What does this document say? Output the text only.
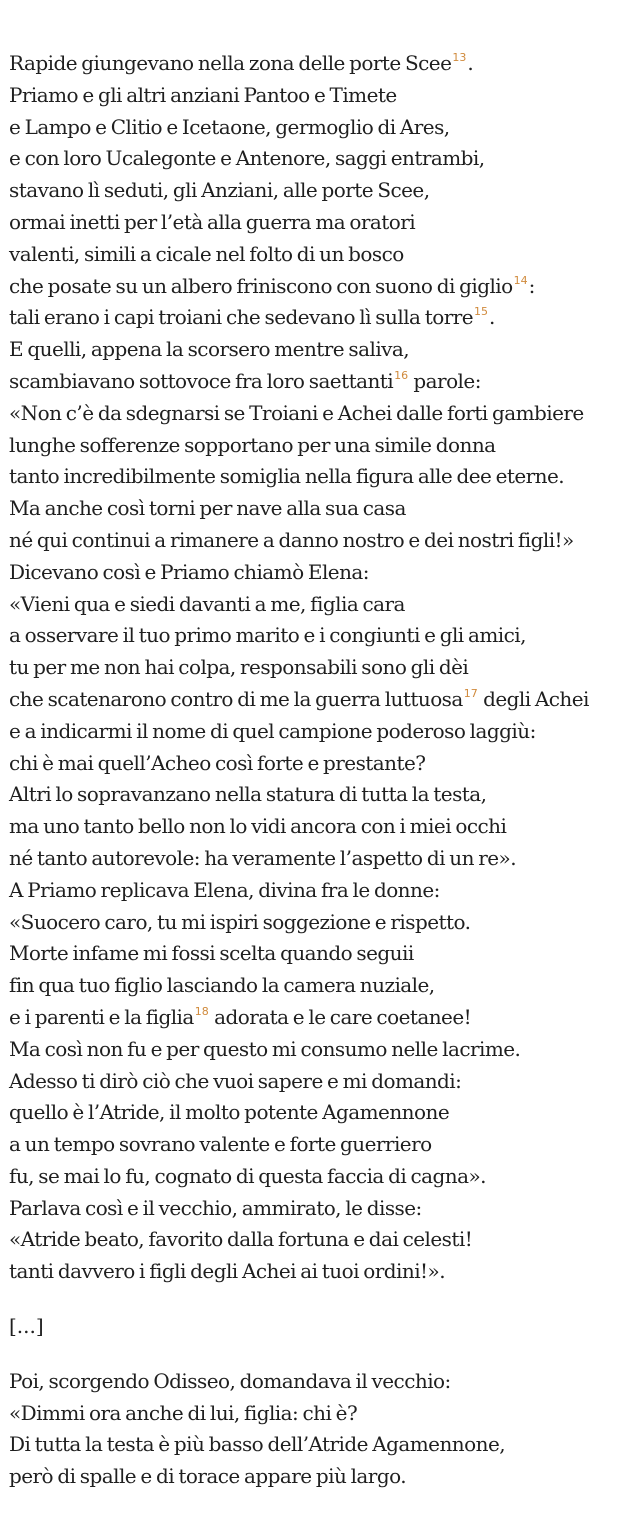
Rapide giungevano nella zona delle porte Scee$^{13}$.
Priamo e gli altri anziani Pantoo e Timete
e Lampo e Clitio e Icetaone, germoglio di Ares,
e con loro Ucalegonte e Antenore, saggi entrambi,
stavano lì seduti, gli Anziani, alle porte Scee,
ormai inetti per l’età alla guerra ma oratori
valenti, simili a cicale nel folto di un bosco
che posate su un albero friniscono con suono di giglio$^{14}$:
tali erano i capi troiani che sedevano lì sulla torre$^{15}$.
E quelli, appena la scorsero mentre saliva,
scambiavano sottovoce fra loro saettanti$^{16}$ parole:
«Non c’è da sdegnarsi se Troiani e Achei dalle forti gambiere
lunghe sofferenze sopportano per una simile donna
tanto incredibilmente somiglia nella figura alle dee eterne.
Ma anche così torni per nave alla sua casa
né qui continui a rimanere a danno nostro e dei nostri figli!»
Dicevano così e Priamo chiamò Elena:
«Vieni qua e siedi davanti a me, figlia cara
a osservare il tuo primo marito e i congiunti e gli amici,
tu per me non hai colpa, responsabili sono gli dèi
che scatenarono contro di me la guerra luttuosa$^{17}$ degli Achei
e a indicarmi il nome di quel campione poderoso laggiù:
chi è mai quell’Acheo così forte e prestante?
Altri lo sopravanzano nella statura di tutta la testa,
ma uno tanto bello non lo vidi ancora con i miei occhi
né tanto autorevole: ha veramente l’aspetto di un re».
A Priamo replicava Elena, divina fra le donne:
«Suocero caro, tu mi ispiri soggezione e rispetto.
Morte infame mi fossi scelta quando seguii
fin qua tuo figlio lasciando la camera nuziale,
e i parenti e la figlia$^{18}$ adorata e le care coetanee!
Ma così non fu e per questo mi consumo nelle lacrime.
Adesso ti dirò ciò che vuoi sapere e mi domandi:
quello è l’Atride, il molto potente Agamennone
a un tempo sovrano valente e forte guerriero
fu, se mai lo fu, cognato di questa faccia di cagna».
Parlava così e il vecchio, ammirato, le disse:
«Atride beato, favorito dalla fortuna e dai celesti!
tanti davvero i figli degli Achei ai tuoi ordini!».
[...]
Poi, scorgendo Odisseo, domandava il vecchio:
«Dimmi ora anche di lui, figlia: chi è?
Di tutta la testa è più basso dell’Atride Agamennone,
però di spalle e di torace appare più largo.
